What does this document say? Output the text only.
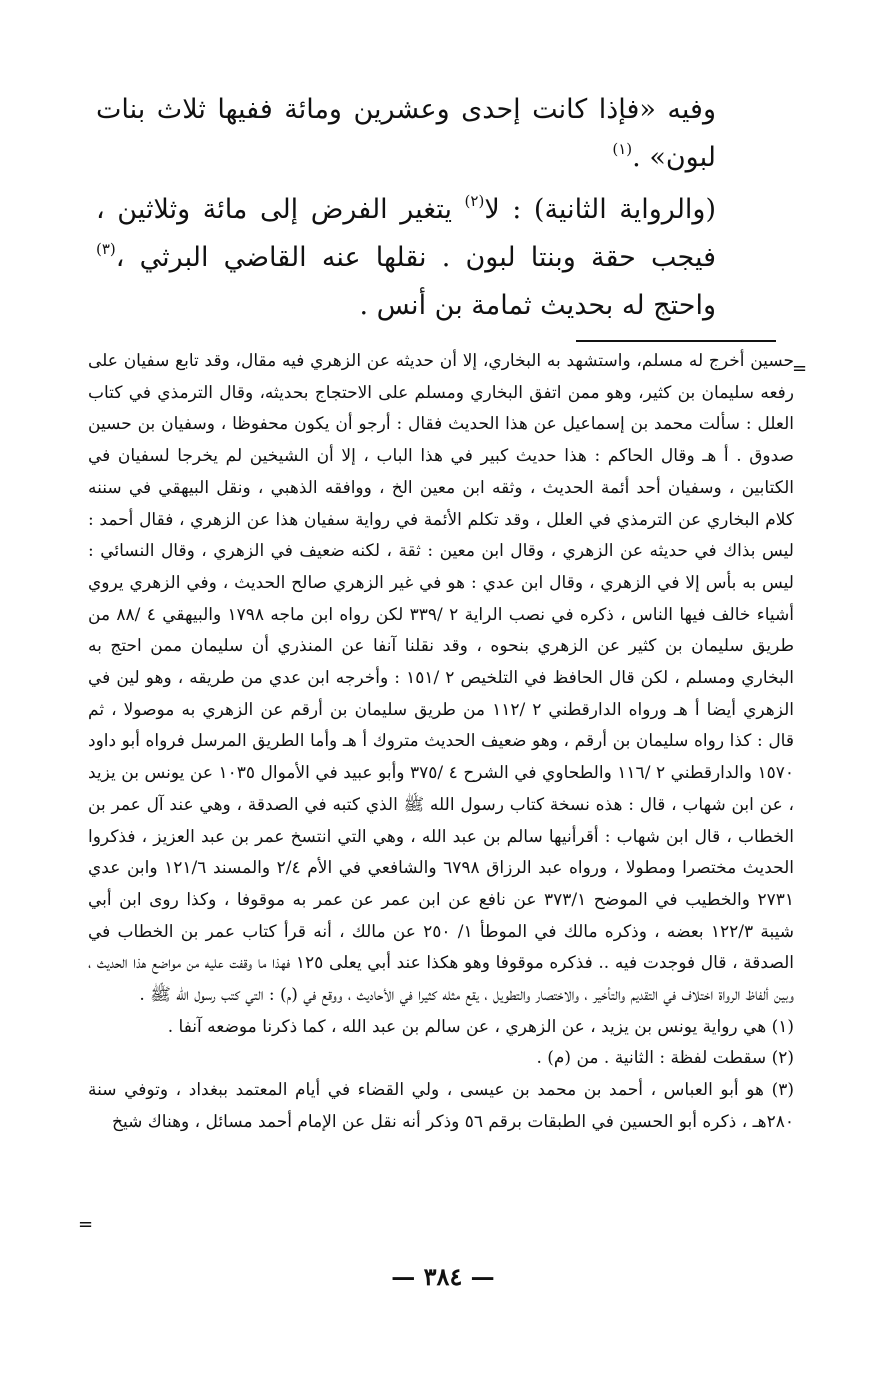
وفيه «فإذا كانت إحدى وعشرين ومائة ففيها ثلاث بنات لبون» .$^{(١)}$

(والرواية الثانية) : لا$^{(٢)}$ يتغير الفرض إلى مائة وثلاثين ، فيجب حقة وبنتا لبون . نقلها عنه القاضي البرثي ،$^{(٣)}$ واحتج له بحديث ثمامة بن أنس .

=

حسين أخرج له مسلم، واستشهد به البخاري، إلا أن حديثه عن الزهري فيه مقال، وقد تابع سفيان على رفعه سليمان بن كثير، وهو ممن اتفق البخاري ومسلم على الاحتجاج بحديثه، وقال الترمذي في كتاب العلل : سألت محمد بن إسماعيل عن هذا الحديث فقال : أرجو أن يكون محفوظا ، وسفيان بن حسين صدوق . أ هـ وقال الحاكم : هذا حديث كبير في هذا الباب ، إلا أن الشيخين لم يخرجا لسفيان في الكتابين ، وسفيان أحد أئمة الحديث ، وثقه ابن معين الخ ، ووافقه الذهبي ، ونقل البيهقي في سننه كلام البخاري عن الترمذي في العلل ، وقد تكلم الأئمة في رواية سفيان هذا عن الزهري ، فقال أحمد : ليس بذاك في حديثه عن الزهري ، وقال ابن معين : ثقة ، لكنه ضعيف في الزهري ، وقال النسائي : ليس به بأس إلا في الزهري ، وقال ابن عدي : هو في غير الزهري صالح الحديث ، وفي الزهري يروي أشياء خالف فيها الناس ، ذكره في نصب الراية ٢ /٣٣٩ لكن رواه ابن ماجه ١٧٩٨ والبيهقي ٤ /٨٨ من طريق سليمان بن كثير عن الزهري بنحوه ، وقد نقلنا آنفا عن المنذري أن سليمان ممن احتج به البخاري ومسلم ، لكن قال الحافظ في التلخيص ٢ /١٥١ : وأخرجه ابن عدي من طريقه ، وهو لين في الزهري أيضا أ هـ ورواه الدارقطني ٢ /١١٢ من طريق سليمان بن أرقم عن الزهري به موصولا ، ثم قال : كذا رواه سليمان بن أرقم ، وهو ضعيف الحديث متروك أ هـ وأما الطريق المرسل فرواه أبو داود ١٥٧٠ والدارقطني ٢ /١١٦ والطحاوي في الشرح ٤ /٣٧٥ وأبو عبيد في الأموال ١٠٣٥ عن يونس بن يزيد ، عن ابن شهاب ، قال : هذه نسخة كتاب رسول الله ﷺ الذي كتبه في الصدقة ، وهي عند آل عمر بن الخطاب ، قال ابن شهاب : أقرأنيها سالم بن عبد الله ، وهي التي انتسخ عمر بن عبد العزيز ، فذكروا الحديث مختصرا ومطولا ، ورواه عبد الرزاق ٦٧٩٨ والشافعي في الأم ٢/٤ والمسند ١٢١/٦ وابن عدي ٢٧٣١ والخطيب في الموضح ٣٧٣/١ عن نافع عن ابن عمر عن عمر به موقوفا ، وكذا روى ابن أبي شيبة ١٢٢/٣ بعضه ، وذكره مالك في الموطأ ١/ ٢٥٠ عن مالك ، أنه قرأ كتاب عمر بن الخطاب في الصدقة ، قال فوجدت فيه .. فذكره موقوفا وهو هكذا عند أبي يعلى ١٢٥ فهذا ما وقفت عليه من مواضع هذا الحديث ، وبين ألفاظ الرواة اختلاف في التقديم والتأخير ، والاختصار والتطويل ، يقع مثله كثيرا في الأحاديث ، ووقع في (م) : التي كتب رسول الله ﷺ .

(١) هي رواية يونس بن يزيد ، عن الزهري ، عن سالم بن عبد الله ، كما ذكرنا موضعه آنفا .

(٢) سقطت لفظة : الثانية . من (م) .

(٣) هو أبو العباس ، أحمد بن محمد بن عيسى ، ولي القضاء في أيام المعتمد ببغداد ، وتوفي سنة ٢٨٠هـ ، ذكره أبو الحسين في الطبقات برقم ٥٦ وذكر أنه نقل عن الإمام أحمد مسائل ، وهناك شيخ

=
— ٣٨٤ —
